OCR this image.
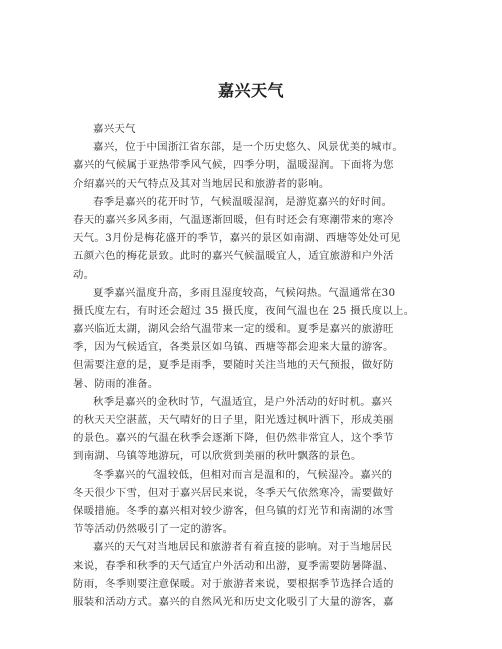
嘉兴天气
嘉兴天气
嘉兴，位于中国浙江省东部，是一个历史悠久、风景优美的城市。
嘉兴的气候属于亚热带季风气候，四季分明，温暖湿润。下面将为您
介绍嘉兴的天气特点及其对当地居民和旅游者的影响。
春季是嘉兴的花开时节，气候温暖湿润，是游览嘉兴的好时间。
春天的嘉兴多风多雨，气温逐渐回暖，但有时还会有寒潮带来的寒冷
天气。3月份是梅花盛开的季节，嘉兴的景区如南湖、西塘等处处可见
五颜六色的梅花景致。此时的嘉兴气候温暖宜人，适宜旅游和户外活
动。
夏季嘉兴温度升高，多雨且湿度较高，气候闷热。气温通常在30
摄氏度左右，有时还会超过 35 摄氏度，夜间气温也在 25 摄氏度以上。
嘉兴临近太湖，湖风会给气温带来一定的缓和。夏季是嘉兴的旅游旺
季，因为气候适宜，各类景区如乌镇、西塘等都会迎来大量的游客。
但需要注意的是，夏季是雨季，要随时关注当地的天气预报，做好防
暑、防雨的准备。
秋季是嘉兴的金秋时节，气温适宜，是户外活动的好时机。嘉兴
的秋天天空湛蓝，天气晴好的日子里，阳光透过枫叶洒下，形成美丽
的景色。嘉兴的气温在秋季会逐渐下降，但仍然非常宜人，这个季节
到南湖、乌镇等地游玩，可以欣赏到美丽的秋叶飘落的景色。
冬季嘉兴的气温较低，但相对而言是温和的，气候湿冷。嘉兴的
冬天很少下雪，但对于嘉兴居民来说，冬季天气依然寒冷，需要做好
保暖措施。冬季的嘉兴相对较少游客，但乌镇的灯光节和南湖的冰雪
节等活动仍然吸引了一定的游客。
嘉兴的天气对当地居民和旅游者有着直接的影响。对于当地居民
来说，春季和秋季的天气适宜户外活动和出游，夏季需要防暑降温、
防雨，冬季则要注意保暖。对于旅游者来说，要根据季节选择合适的
服装和活动方式。嘉兴的自然风光和历史文化吸引了大量的游客，嘉
